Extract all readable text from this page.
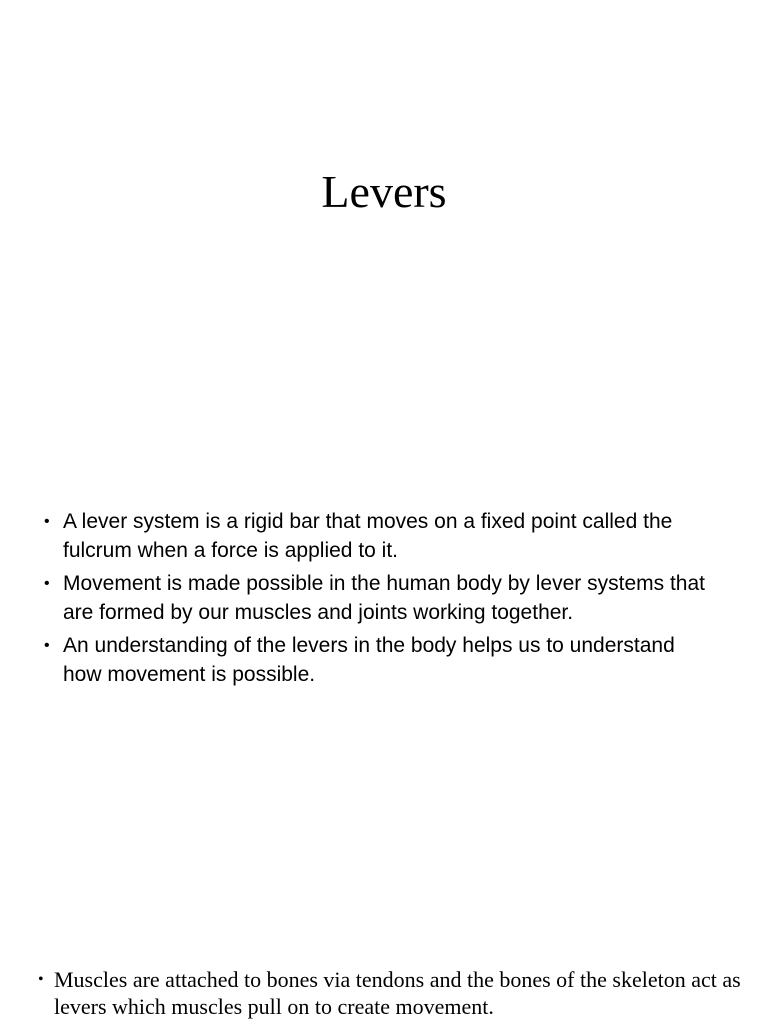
Levers
• A lever system is a rigid bar that moves on a fixed point called the fulcrum when a force is applied to it.
• Movement is made possible in the human body by lever systems that are formed by our muscles and joints working together.
• An understanding of the levers in the body helps us to understand how movement is possible.
• Muscles are attached to bones via tendons and the bones of the skeleton act as levers which muscles pull on to create movement.
